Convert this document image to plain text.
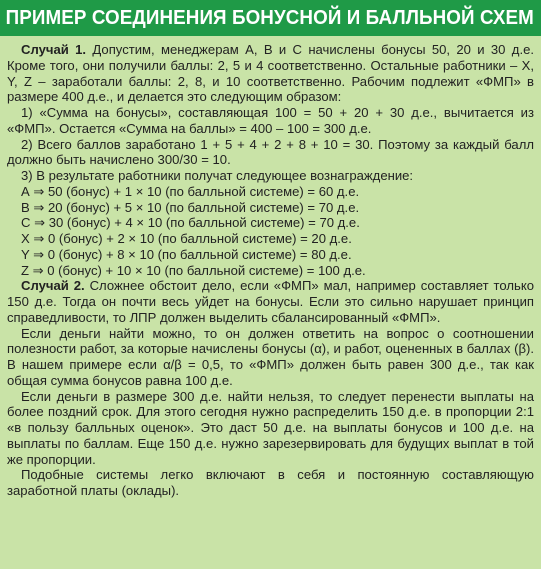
ПРИМЕР СОЕДИНЕНИЯ БОНУСНОЙ И БАЛЛЬНОЙ СХЕМ

Случай 1. Допустим, менеджерам А, В и С начислены бонусы 50, 20 и 30 д.е. Кроме того, они получили баллы: 2, 5 и 4 соответственно. Остальные работники – X, Y, Z – заработали баллы: 2, 8, и 10 соответственно. Рабочим подлежит «ФМП» в размере 400 д.е., и делается это следующим образом:

1) «Сумма на бонусы», составляющая 100 = 50 + 20 + 30 д.е., вычитается из «ФМП». Остается «Сумма на баллы» = 400 – 100 = 300 д.е.

2) Всего баллов заработано 1 + 5 + 4 + 2 + 8 + 10 = 30. Поэтому за каждый балл должно быть начислено 300/30 = 10.

3) В результате работники получат следующее вознаграждение:

А ⇒ 50 (бонус) + 1 × 10 (по балльной системе) = 60 д.е.
В ⇒ 20 (бонус) + 5 × 10 (по балльной системе) = 70 д.е.
С ⇒ 30 (бонус) + 4 × 10 (по балльной системе) = 70 д.е.
X ⇒ 0 (бонус) + 2 × 10 (по балльной системе) = 20 д.е.
Y ⇒ 0 (бонус) + 8 × 10 (по балльной системе) = 80 д.е.
Z ⇒ 0 (бонус) + 10 × 10 (по балльной системе) = 100 д.е.

Случай 2. Сложнее обстоит дело, если «ФМП» мал, например составляет только 150 д.е. Тогда он почти весь уйдет на бонусы. Если это сильно нарушает принцип справедливости, то ЛПР должен выделить сбалансированный «ФМП».

Если деньги найти можно, то он должен ответить на вопрос о соотношении полезности работ, за которые начислены бонусы (α), и работ, оцененных в баллах (β). В нашем примере если α/β = 0,5, то «ФМП» должен быть равен 300 д.е., так как общая сумма бонусов равна 100 д.е.

Если деньги в размере 300 д.е. найти нельзя, то следует перенести выплаты на более поздний срок. Для этого сегодня нужно распределить 150 д.е. в пропорции 2:1 «в пользу балльных оценок». Это даст 50 д.е. на выплаты бонусов и 100 д.е. на выплаты по баллам. Еще 150 д.е. нужно зарезервировать для будущих выплат в той же пропорции.

Подобные системы легко включают в себя и постоянную составляющую заработной платы (оклады).
